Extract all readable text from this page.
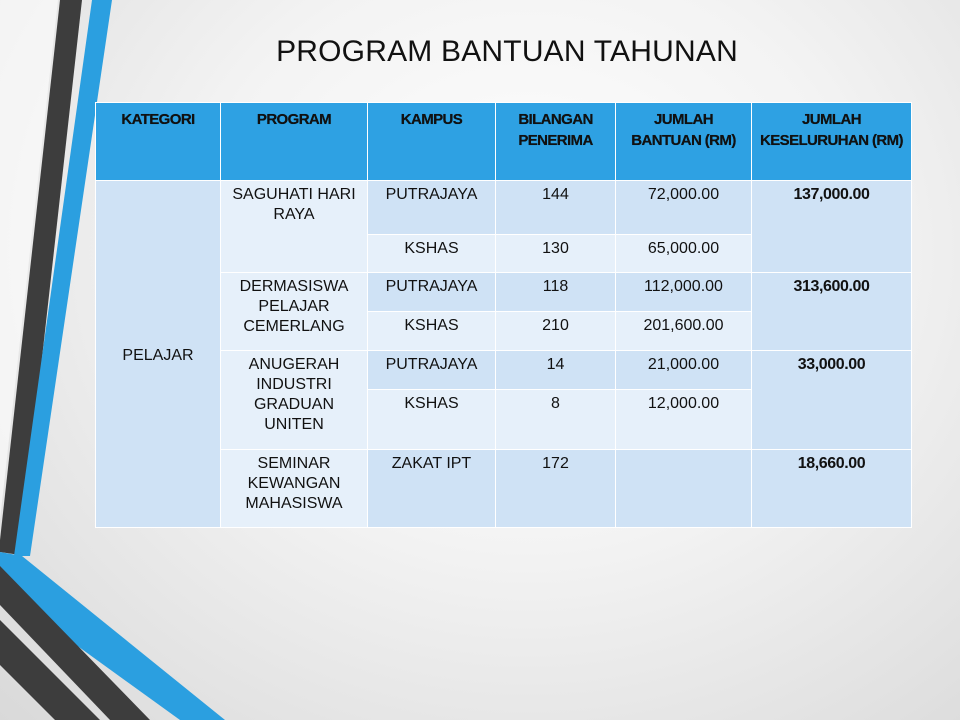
PROGRAM BANTUAN TAHUNAN
KATEGORI	PROGRAM	KAMPUS	BILANGAN PENERIMA	JUMLAH BANTUAN (RM)	JUMLAH KESELURUHAN (RM)
PELAJAR	SAGUHATI HARI RAYA	PUTRAJAYA	144	72,000.00	137,000.00
		KSHAS	130	65,000.00	
	DERMASISWA PELAJAR CEMERLANG	PUTRAJAYA	118	112,000.00	313,600.00
		KSHAS	210	201,600.00	
	ANUGERAH INDUSTRI GRADUAN UNITEN	PUTRAJAYA	14	21,000.00	33,000.00
		KSHAS	8	12,000.00	
	SEMINAR KEWANGAN MAHASISWA	ZAKAT IPT	172		18,660.00
